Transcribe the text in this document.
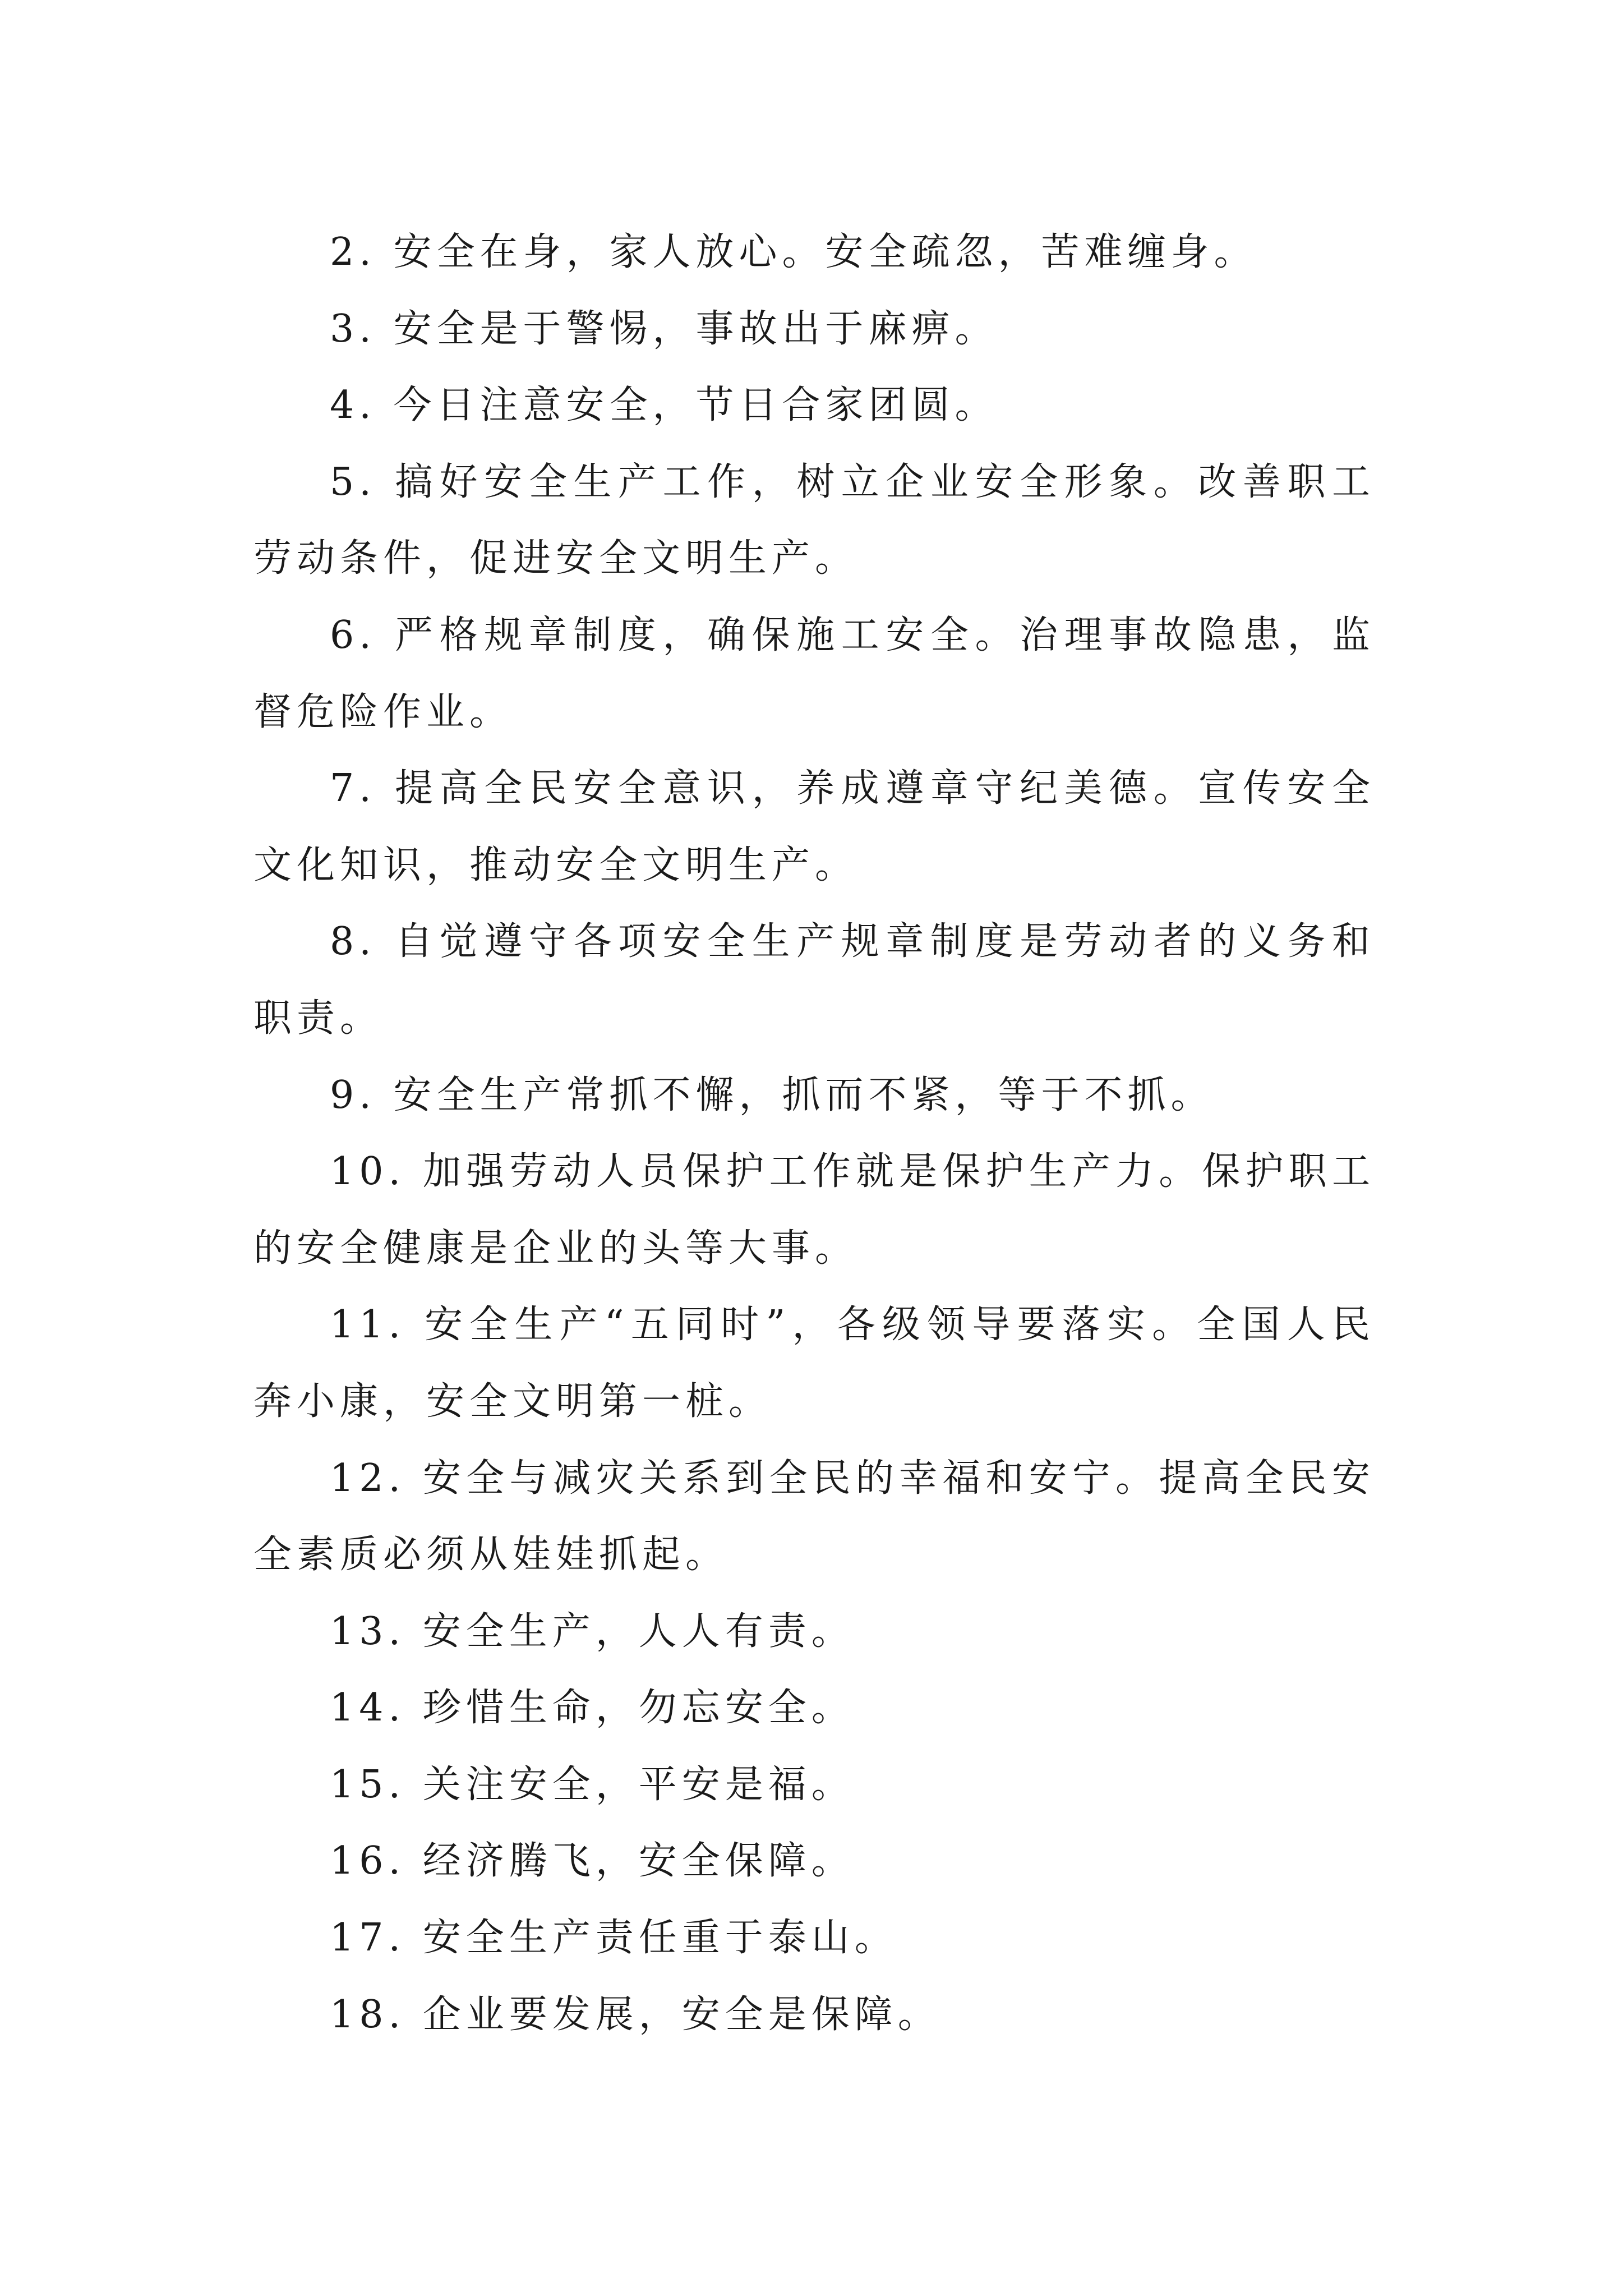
2. 安全在身，家人放心。安全疏忽，苦难缠身。

3. 安全是于警惕，事故出于麻痹。

4. 今日注意安全，节日合家团圆。

5. 搞好安全生产工作，树立企业安全形象。改善职工劳动条件，促进安全文明生产。

6. 严格规章制度，确保施工安全。治理事故隐患，监督危险作业。

7. 提高全民安全意识，养成遵章守纪美德。宣传安全文化知识，推动安全文明生产。

8. 自觉遵守各项安全生产规章制度是劳动者的义务和职责。

9. 安全生产常抓不懈，抓而不紧，等于不抓。

10. 加强劳动人员保护工作就是保护生产力。保护职工的安全健康是企业的头等大事。

11. 安全生产“五同时”，各级领导要落实。全国人民奔小康，安全文明第一桩。

12. 安全与减灾关系到全民的幸福和安宁。提高全民安全素质必须从娃娃抓起。

13. 安全生产，人人有责。

14. 珍惜生命，勿忘安全。

15. 关注安全，平安是福。

16. 经济腾飞，安全保障。

17. 安全生产责任重于泰山。

18. 企业要发展，安全是保障。
